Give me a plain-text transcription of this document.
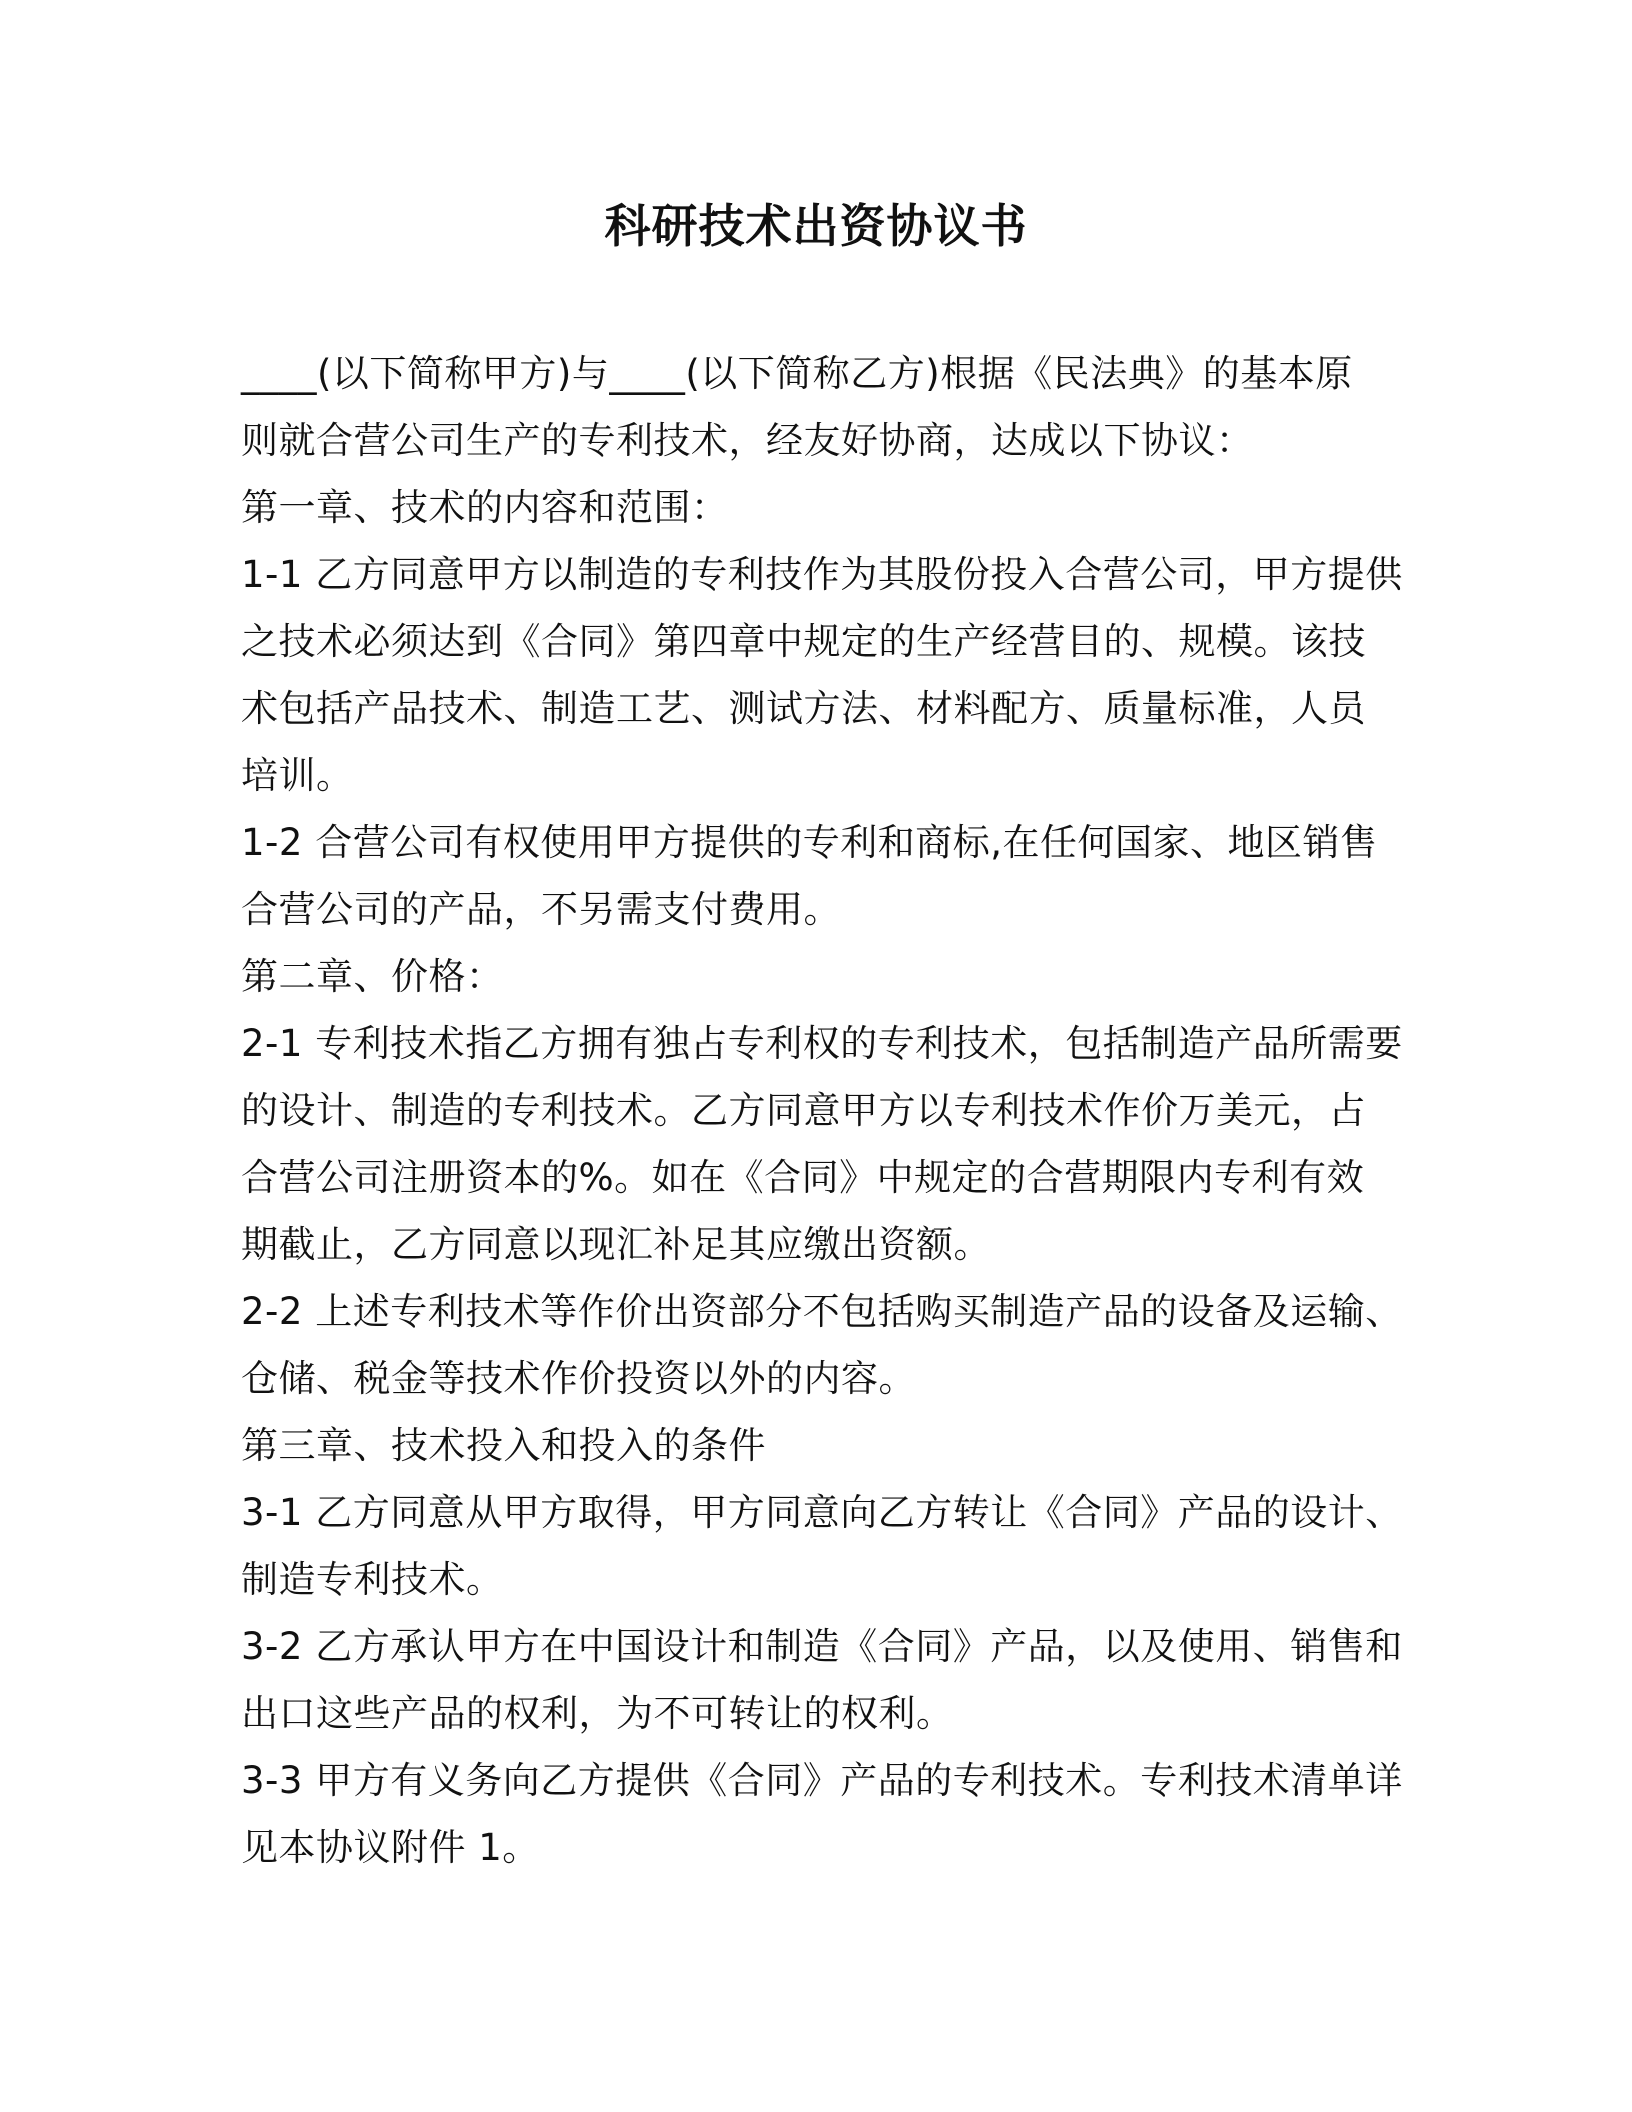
科研技术出资协议书
____(以下简称甲方)与____(以下简称乙方)根据《民法典》的基本原
则就合营公司生产的专利技术，经友好协商，达成以下协议：
第一章、技术的内容和范围：
1-1 乙方同意甲方以制造的专利技作为其股份投入合营公司，甲方提供
之技术必须达到《合同》第四章中规定的生产经营目的、规模。该技
术包括产品技术、制造工艺、测试方法、材料配方、质量标准，人员
培训。
1-2 合营公司有权使用甲方提供的专利和商标,在任何国家、地区销售
合营公司的产品，不另需支付费用。
第二章、价格：
2-1 专利技术指乙方拥有独占专利权的专利技术，包括制造产品所需要
的设计、制造的专利技术。乙方同意甲方以专利技术作价万美元，占
合营公司注册资本的%。如在《合同》中规定的合营期限内专利有效
期截止，乙方同意以现汇补足其应缴出资额。
2-2 上述专利技术等作价出资部分不包括购买制造产品的设备及运输、
仓储、税金等技术作价投资以外的内容。
第三章、技术投入和投入的条件
3-1 乙方同意从甲方取得，甲方同意向乙方转让《合同》产品的设计、
制造专利技术。
3-2 乙方承认甲方在中国设计和制造《合同》产品，以及使用、销售和
出口这些产品的权利，为不可转让的权利。
3-3 甲方有义务向乙方提供《合同》产品的专利技术。专利技术清单详
见本协议附件 1。
